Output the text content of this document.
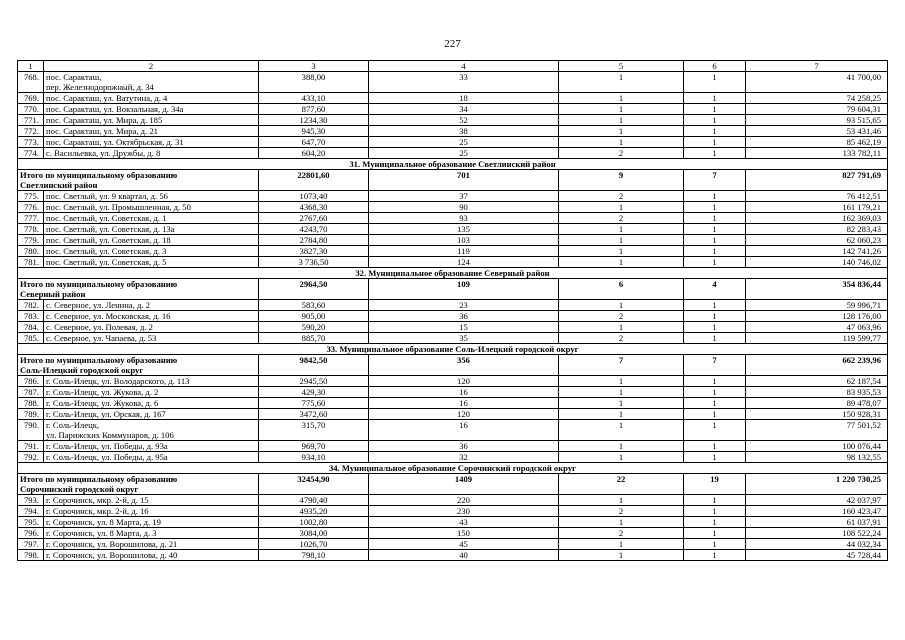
227
1	2	3	4	5	6	7
768.	пос. Саракташ,
пер. Железнодорожный, д. 34	388,00	33	1	1	41 700,00
769.	пос. Саракташ, ул. Ватутина, д. 4	433,10	18	1	1	74 258,25
770.	пос. Саракташ, ул. Вокзальная, д. 34а	877,60	34	1	1	79 604,31
771.	пос. Саракташ, ул. Мира, д. 185	1234,30	52	1	1	93 515,65
772.	пос. Саракташ, ул. Мира, д. 21	945,30	38	1	1	53 431,46
773.	пос. Саракташ, ул. Октябрьская, д. 31	647,70	25	1	1	85 462,19
774.	с. Васильевка, ул. Дружбы, д. 8	604,20	25	2	1	133 782,11
31. Муниципальное образование Светлинский район						
Итого по муниципальному образованию
Светлинский район		22801,60	701	9	7	827 791,69
775.	пос. Светлый, ул. 9 квартал, д. 56	1073,40	37	2	1	76 412,51
776.	пос. Светлый, ул. Промышленная, д. 50	4368,30	90	1	1	161 179,21
777.	пос. Светлый, ул. Советская, д. 1	2767,60	93	2	1	162 369,03
778.	пос. Светлый, ул. Советская, д. 13а	4243,70	135	1	1	82 283,43
779.	пос. Светлый, ул. Советская, д. 18	2784,80	103	1	1	62 060,23
780.	пос. Светлый, ул. Советская, д. 3	3827,30	119	1	1	142 741,26
781.	пос. Светлый, ул. Советская, д. 5	3 736,50	124	1	1	140 746,02
32. Муниципальное образование Северный район						
Итого по муниципальному образованию
Северный район		2964,50	109	6	4	354 836,44
782.	с. Северное, ул. Ленина, д. 2	583,60	23	1	1	59 996,71
783.	с. Северное, ул. Московская, д. 16	905,00	36	2	1	128 176,00
784.	с. Северное, ул. Полевая, д. 2	590,20	15	1	1	47 063,96
785.	с. Северное, ул. Чапаева, д. 53	885,70	35	2	1	119 599,77
33. Муниципальное образование Соль-Илецкий городской округ						
Итого по муниципальному образованию
Соль-Илецкий городской округ		9842,50	356	7	7	662 239,96
786.	г. Соль-Илецк, ул. Володарского, д. 113	2945,50	120	1	1	62 187,54
787.	г. Соль-Илецк, ул. Жукова, д. 2	429,30	16	1	1	83 935,53
788.	г. Соль-Илецк, ул. Жукова, д. 6	775,60	16	1	1	89 478,07
789.	г. Соль-Илецк, ул. Орская, д. 167	3472,60	120	1	1	150 928,31
790.	г. Соль-Илецк,
ул. Парижских Коммунаров, д. 106	315,70	16	1	1	77 501,52
791.	г. Соль-Илецк, ул. Победы, д. 93а	969,70	36	1	1	100 076,44
792.	г. Соль-Илецк, ул. Победы, д. 95а	934,10	32	1	1	98 132,55
34. Муниципальное образование Сорочинский городской округ						
Итого по муниципальному образованию
Сорочинский городской округ		32454,90	1409	22	19	1 220 730,25
793.	г. Сорочинск, мкр. 2-й, д. 15	4790,40	220	1	1	42 037,97
794.	г. Сорочинск, мкр. 2-й, д. 16	4935,20	230	2	1	160 423,47
795.	г. Сорочинск, ул. 8 Марта, д. 19	1002,80	43	1	1	61 037,91
796.	г. Сорочинск, ул. 8 Марта, д. 3	3084,00	150	2	1	108 522,24
797.	г. Сорочинск, ул. Ворошилова, д. 21	1026,70	45	1	1	44 032,34
798.	г. Сорочинск, ул. Ворошилова, д. 40	798,10	40	1	1	45 728,44
